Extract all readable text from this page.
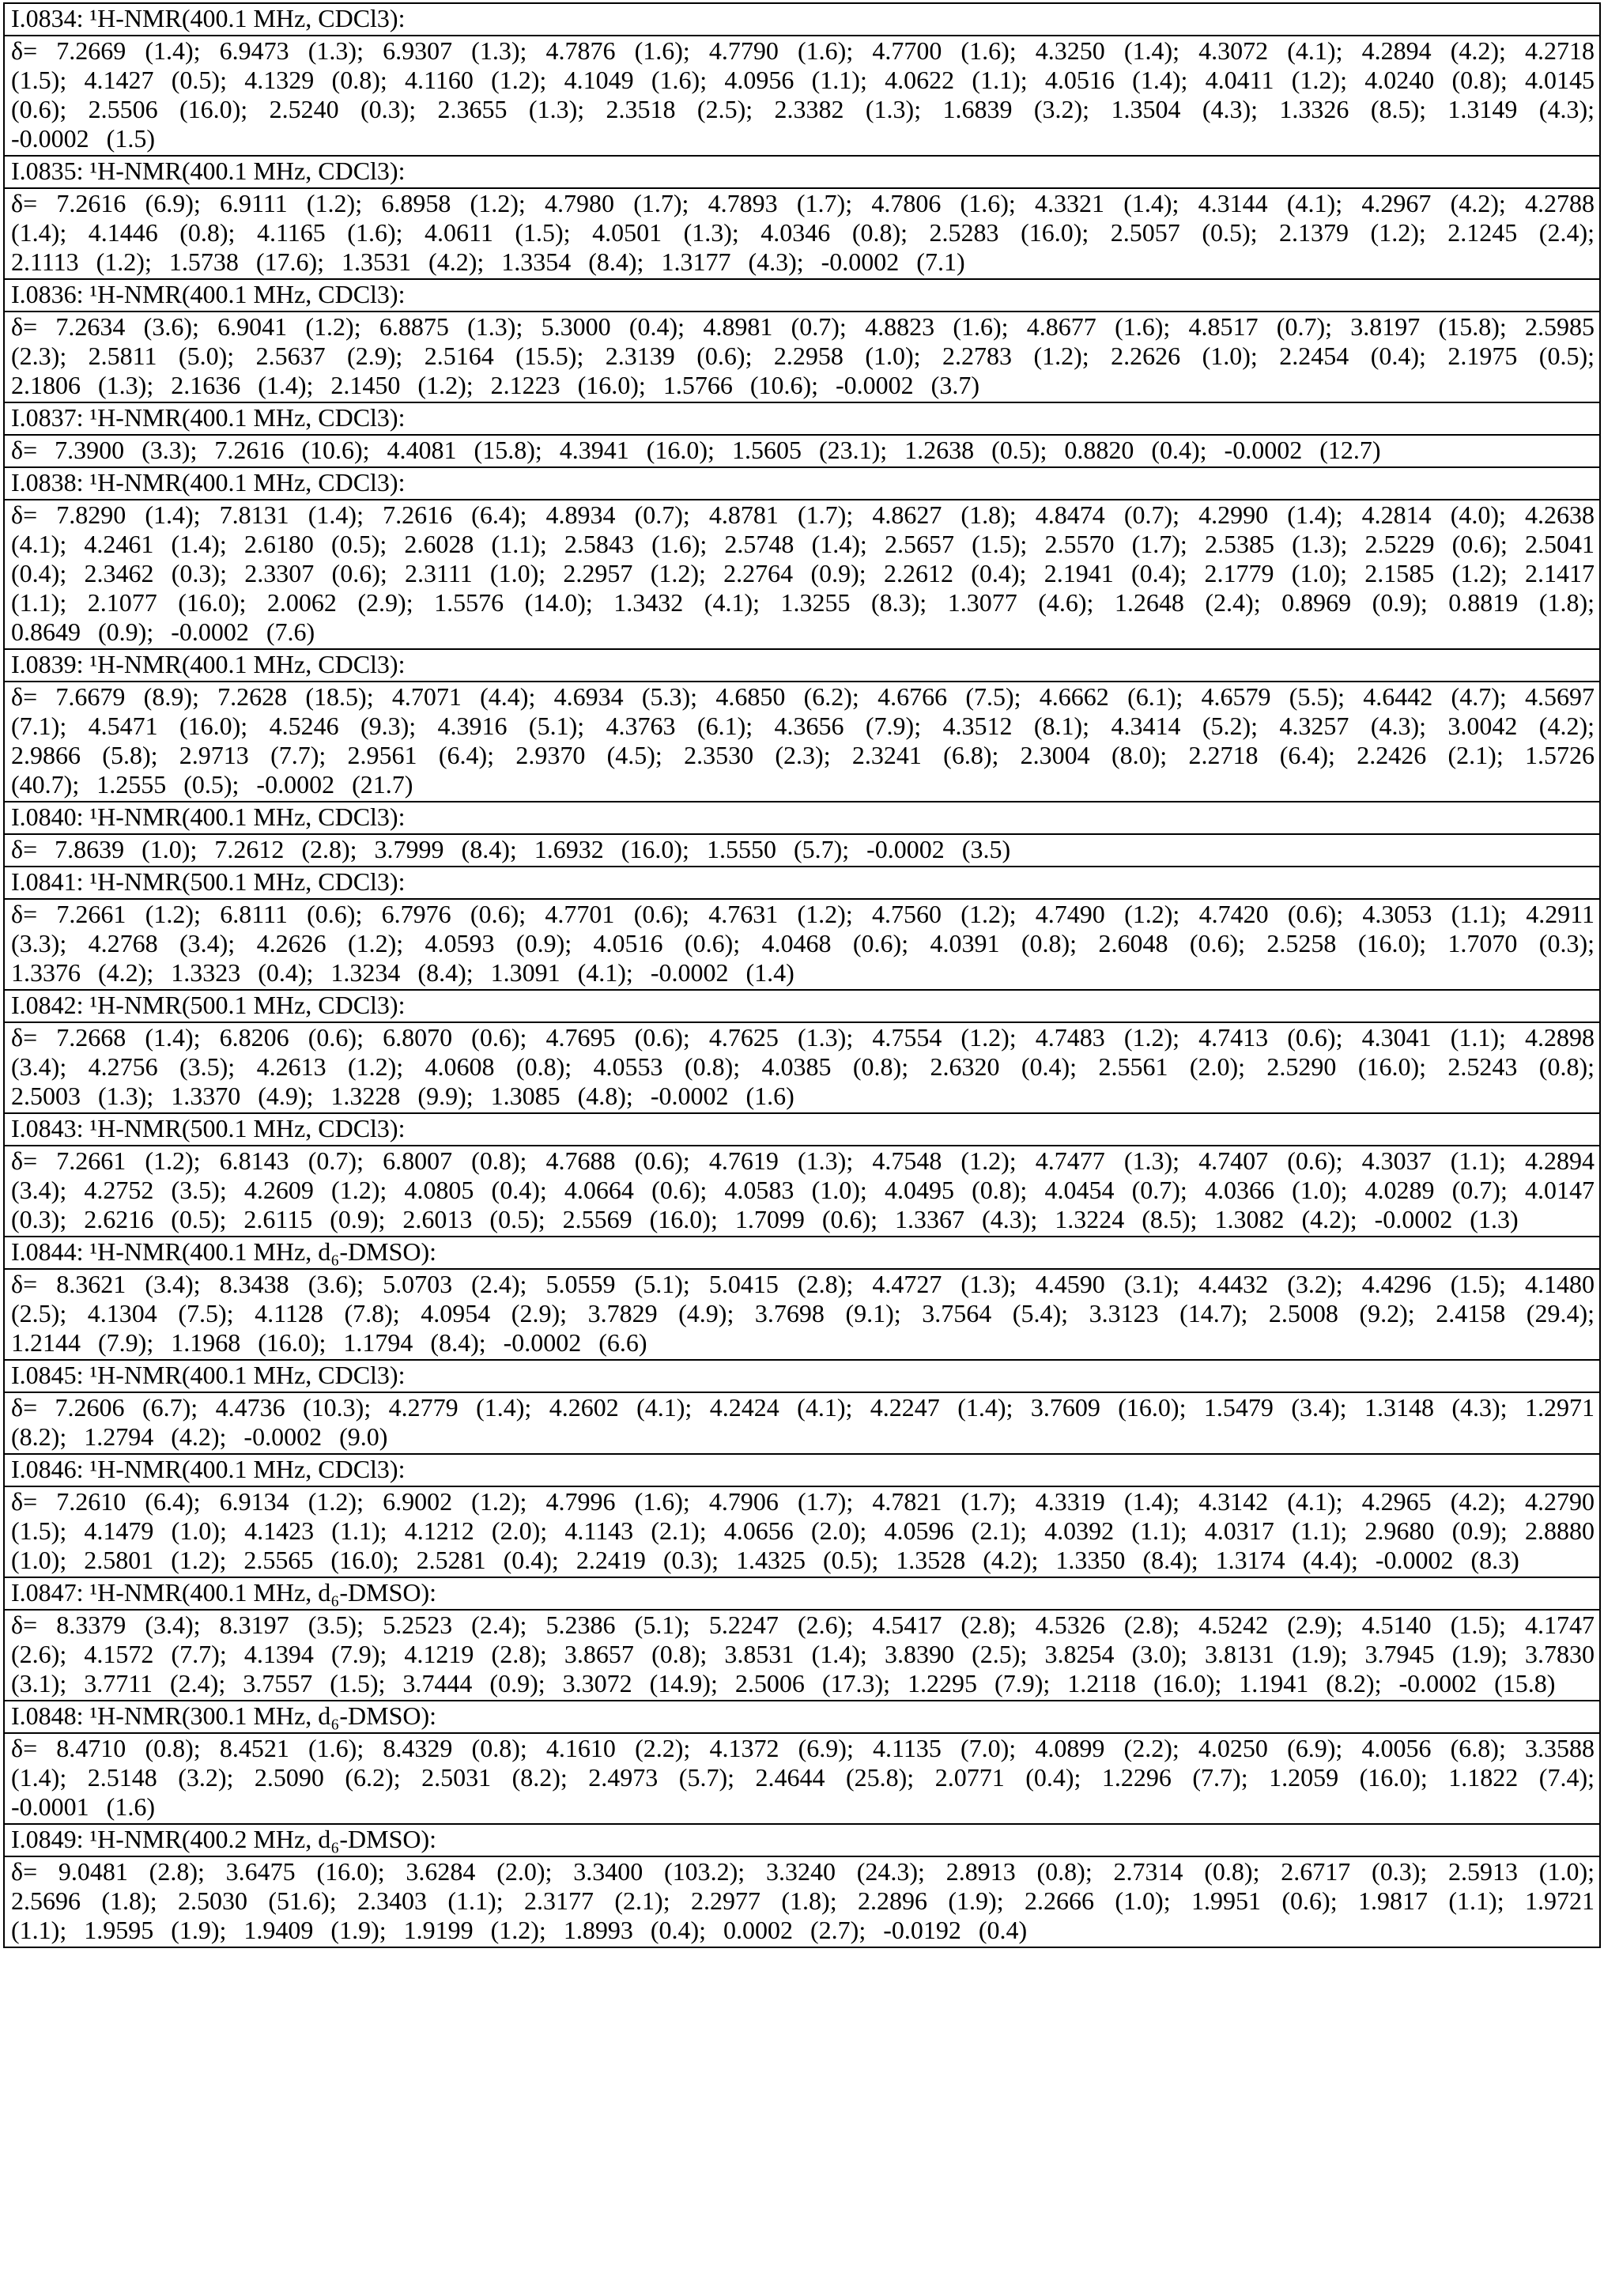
I.0834: ¹H-NMR(400.1 MHz, CDCl3):
δ= 7.2669 (1.4); 6.9473 (1.3); 6.9307 (1.3); 4.7876 (1.6); 4.7790 (1.6); 4.7700 (1.6); 4.3250 (1.4); 4.3072 (4.1); 4.2894 (4.2); 4.2718 (1.5); 4.1427 (0.5); 4.1329 (0.8); 4.1160 (1.2); 4.1049 (1.6); 4.0956 (1.1); 4.0622 (1.1); 4.0516 (1.4); 4.0411 (1.2); 4.0240 (0.8); 4.0145 (0.6); 2.5506 (16.0); 2.5240 (0.3); 2.3655 (1.3); 2.3518 (2.5); 2.3382 (1.3); 1.6839 (3.2); 1.3504 (4.3); 1.3326 (8.5); 1.3149 (4.3); -0.0002 (1.5)
I.0835: ¹H-NMR(400.1 MHz, CDCl3):
δ= 7.2616 (6.9); 6.9111 (1.2); 6.8958 (1.2); 4.7980 (1.7); 4.7893 (1.7); 4.7806 (1.6); 4.3321 (1.4); 4.3144 (4.1); 4.2967 (4.2); 4.2788 (1.4); 4.1446 (0.8); 4.1165 (1.6); 4.0611 (1.5); 4.0501 (1.3); 4.0346 (0.8); 2.5283 (16.0); 2.5057 (0.5); 2.1379 (1.2); 2.1245 (2.4); 2.1113 (1.2); 1.5738 (17.6); 1.3531 (4.2); 1.3354 (8.4); 1.3177 (4.3); -0.0002 (7.1)
I.0836: ¹H-NMR(400.1 MHz, CDCl3):
δ= 7.2634 (3.6); 6.9041 (1.2); 6.8875 (1.3); 5.3000 (0.4); 4.8981 (0.7); 4.8823 (1.6); 4.8677 (1.6); 4.8517 (0.7); 3.8197 (15.8); 2.5985 (2.3); 2.5811 (5.0); 2.5637 (2.9); 2.5164 (15.5); 2.3139 (0.6); 2.2958 (1.0); 2.2783 (1.2); 2.2626 (1.0); 2.2454 (0.4); 2.1975 (0.5); 2.1806 (1.3); 2.1636 (1.4); 2.1450 (1.2); 2.1223 (16.0); 1.5766 (10.6); -0.0002 (3.7)
I.0837: ¹H-NMR(400.1 MHz, CDCl3):
δ= 7.3900 (3.3); 7.2616 (10.6); 4.4081 (15.8); 4.3941 (16.0); 1.5605 (23.1); 1.2638 (0.5); 0.8820 (0.4); -0.0002 (12.7)
I.0838: ¹H-NMR(400.1 MHz, CDCl3):
δ= 7.8290 (1.4); 7.8131 (1.4); 7.2616 (6.4); 4.8934 (0.7); 4.8781 (1.7); 4.8627 (1.8); 4.8474 (0.7); 4.2990 (1.4); 4.2814 (4.0); 4.2638 (4.1); 4.2461 (1.4); 2.6180 (0.5); 2.6028 (1.1); 2.5843 (1.6); 2.5748 (1.4); 2.5657 (1.5); 2.5570 (1.7); 2.5385 (1.3); 2.5229 (0.6); 2.5041 (0.4); 2.3462 (0.3); 2.3307 (0.6); 2.3111 (1.0); 2.2957 (1.2); 2.2764 (0.9); 2.2612 (0.4); 2.1941 (0.4); 2.1779 (1.0); 2.1585 (1.2); 2.1417 (1.1); 2.1077 (16.0); 2.0062 (2.9); 1.5576 (14.0); 1.3432 (4.1); 1.3255 (8.3); 1.3077 (4.6); 1.2648 (2.4); 0.8969 (0.9); 0.8819 (1.8); 0.8649 (0.9); -0.0002 (7.6)
I.0839: ¹H-NMR(400.1 MHz, CDCl3):
δ= 7.6679 (8.9); 7.2628 (18.5); 4.7071 (4.4); 4.6934 (5.3); 4.6850 (6.2); 4.6766 (7.5); 4.6662 (6.1); 4.6579 (5.5); 4.6442 (4.7); 4.5697 (7.1); 4.5471 (16.0); 4.5246 (9.3); 4.3916 (5.1); 4.3763 (6.1); 4.3656 (7.9); 4.3512 (8.1); 4.3414 (5.2); 4.3257 (4.3); 3.0042 (4.2); 2.9866 (5.8); 2.9713 (7.7); 2.9561 (6.4); 2.9370 (4.5); 2.3530 (2.3); 2.3241 (6.8); 2.3004 (8.0); 2.2718 (6.4); 2.2426 (2.1); 1.5726 (40.7); 1.2555 (0.5); -0.0002 (21.7)
I.0840: ¹H-NMR(400.1 MHz, CDCl3):
δ= 7.8639 (1.0); 7.2612 (2.8); 3.7999 (8.4); 1.6932 (16.0); 1.5550 (5.7); -0.0002 (3.5)
I.0841: ¹H-NMR(500.1 MHz, CDCl3):
δ= 7.2661 (1.2); 6.8111 (0.6); 6.7976 (0.6); 4.7701 (0.6); 4.7631 (1.2); 4.7560 (1.2); 4.7490 (1.2); 4.7420 (0.6); 4.3053 (1.1); 4.2911 (3.3); 4.2768 (3.4); 4.2626 (1.2); 4.0593 (0.9); 4.0516 (0.6); 4.0468 (0.6); 4.0391 (0.8); 2.6048 (0.6); 2.5258 (16.0); 1.7070 (0.3); 1.3376 (4.2); 1.3323 (0.4); 1.3234 (8.4); 1.3091 (4.1); -0.0002 (1.4)
I.0842: ¹H-NMR(500.1 MHz, CDCl3):
δ= 7.2668 (1.4); 6.8206 (0.6); 6.8070 (0.6); 4.7695 (0.6); 4.7625 (1.3); 4.7554 (1.2); 4.7483 (1.2); 4.7413 (0.6); 4.3041 (1.1); 4.2898 (3.4); 4.2756 (3.5); 4.2613 (1.2); 4.0608 (0.8); 4.0553 (0.8); 4.0385 (0.8); 2.6320 (0.4); 2.5561 (2.0); 2.5290 (16.0); 2.5243 (0.8); 2.5003 (1.3); 1.3370 (4.9); 1.3228 (9.9); 1.3085 (4.8); -0.0002 (1.6)
I.0843: ¹H-NMR(500.1 MHz, CDCl3):
δ= 7.2661 (1.2); 6.8143 (0.7); 6.8007 (0.8); 4.7688 (0.6); 4.7619 (1.3); 4.7548 (1.2); 4.7477 (1.3); 4.7407 (0.6); 4.3037 (1.1); 4.2894 (3.4); 4.2752 (3.5); 4.2609 (1.2); 4.0805 (0.4); 4.0664 (0.6); 4.0583 (1.0); 4.0495 (0.8); 4.0454 (0.7); 4.0366 (1.0); 4.0289 (0.7); 4.0147 (0.3); 2.6216 (0.5); 2.6115 (0.9); 2.6013 (0.5); 2.5569 (16.0); 1.7099 (0.6); 1.3367 (4.3); 1.3224 (8.5); 1.3082 (4.2); -0.0002 (1.3)
I.0844: ¹H-NMR(400.1 MHz, d₆-DMSO):
δ= 8.3621 (3.4); 8.3438 (3.6); 5.0703 (2.4); 5.0559 (5.1); 5.0415 (2.8); 4.4727 (1.3); 4.4590 (3.1); 4.4432 (3.2); 4.4296 (1.5); 4.1480 (2.5); 4.1304 (7.5); 4.1128 (7.8); 4.0954 (2.9); 3.7829 (4.9); 3.7698 (9.1); 3.7564 (5.4); 3.3123 (14.7); 2.5008 (9.2); 2.4158 (29.4); 1.2144 (7.9); 1.1968 (16.0); 1.1794 (8.4); -0.0002 (6.6)
I.0845: ¹H-NMR(400.1 MHz, CDCl3):
δ= 7.2606 (6.7); 4.4736 (10.3); 4.2779 (1.4); 4.2602 (4.1); 4.2424 (4.1); 4.2247 (1.4); 3.7609 (16.0); 1.5479 (3.4); 1.3148 (4.3); 1.2971 (8.2); 1.2794 (4.2); -0.0002 (9.0)
I.0846: ¹H-NMR(400.1 MHz, CDCl3):
δ= 7.2610 (6.4); 6.9134 (1.2); 6.9002 (1.2); 4.7996 (1.6); 4.7906 (1.7); 4.7821 (1.7); 4.3319 (1.4); 4.3142 (4.1); 4.2965 (4.2); 4.2790 (1.5); 4.1479 (1.0); 4.1423 (1.1); 4.1212 (2.0); 4.1143 (2.1); 4.0656 (2.0); 4.0596 (2.1); 4.0392 (1.1); 4.0317 (1.1); 2.9680 (0.9); 2.8880 (1.0); 2.5801 (1.2); 2.5565 (16.0); 2.5281 (0.4); 2.2419 (0.3); 1.4325 (0.5); 1.3528 (4.2); 1.3350 (8.4); 1.3174 (4.4); -0.0002 (8.3)
I.0847: ¹H-NMR(400.1 MHz, d₆-DMSO):
δ= 8.3379 (3.4); 8.3197 (3.5); 5.2523 (2.4); 5.2386 (5.1); 5.2247 (2.6); 4.5417 (2.8); 4.5326 (2.8); 4.5242 (2.9); 4.5140 (1.5); 4.1747 (2.6); 4.1572 (7.7); 4.1394 (7.9); 4.1219 (2.8); 3.8657 (0.8); 3.8531 (1.4); 3.8390 (2.5); 3.8254 (3.0); 3.8131 (1.9); 3.7945 (1.9); 3.7830 (3.1); 3.7711 (2.4); 3.7557 (1.5); 3.7444 (0.9); 3.3072 (14.9); 2.5006 (17.3); 1.2295 (7.9); 1.2118 (16.0); 1.1941 (8.2); -0.0002 (15.8)
I.0848: ¹H-NMR(300.1 MHz, d₆-DMSO):
δ= 8.4710 (0.8); 8.4521 (1.6); 8.4329 (0.8); 4.1610 (2.2); 4.1372 (6.9); 4.1135 (7.0); 4.0899 (2.2); 4.0250 (6.9); 4.0056 (6.8); 3.3588 (1.4); 2.5148 (3.2); 2.5090 (6.2); 2.5031 (8.2); 2.4973 (5.7); 2.4644 (25.8); 2.0771 (0.4); 1.2296 (7.7); 1.2059 (16.0); 1.1822 (7.4); -0.0001 (1.6)
I.0849: ¹H-NMR(400.2 MHz, d₆-DMSO):
δ= 9.0481 (2.8); 3.6475 (16.0); 3.6284 (2.0); 3.3400 (103.2); 3.3240 (24.3); 2.8913 (0.8); 2.7314 (0.8); 2.6717 (0.3); 2.5913 (1.0); 2.5696 (1.8); 2.5030 (51.6); 2.3403 (1.1); 2.3177 (2.1); 2.2977 (1.8); 2.2896 (1.9); 2.2666 (1.0); 1.9951 (0.6); 1.9817 (1.1); 1.9721 (1.1); 1.9595 (1.9); 1.9409 (1.9); 1.9199 (1.2); 1.8993 (0.4); 0.0002 (2.7); -0.0192 (0.4)
